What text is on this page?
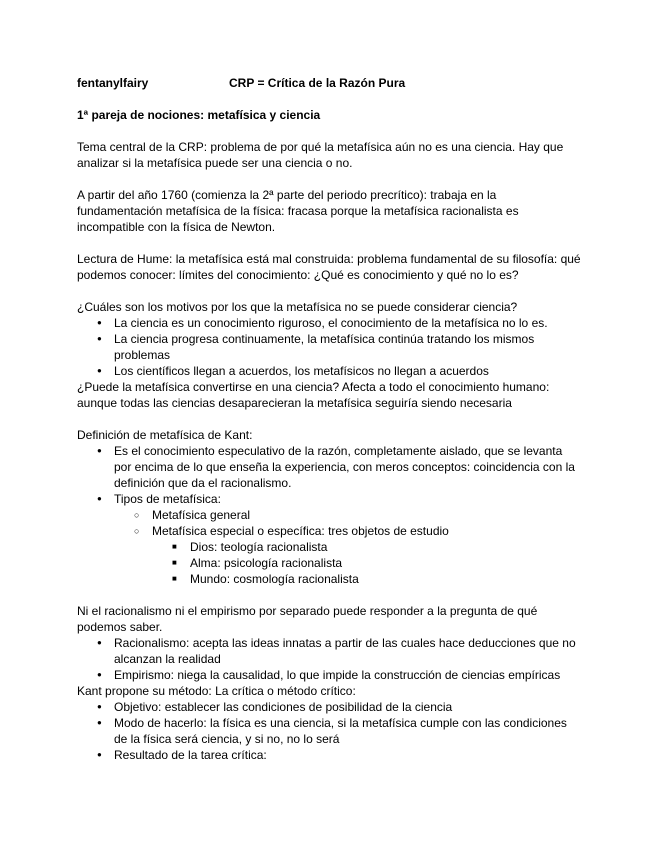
fentanylfairy	CRP = Crítica de la Razón Pura
1ª pareja de nociones: metafísica y ciencia

Tema central de la CRP: problema de por qué la metafísica aún no es una ciencia. Hay que analizar si la metafísica puede ser una ciencia o no.

A partir del año 1760 (comienza la 2ª parte del periodo precrítico): trabaja en la fundamentación metafísica de la física: fracasa porque la metafísica racionalista es incompatible con la física de Newton.

Lectura de Hume: la metafísica está mal construida: problema fundamental de su filosofía: qué podemos conocer: límites del conocimiento: ¿Qué es conocimiento y qué no lo es?

¿Cuáles son los motivos por los que la metafísica no se puede considerar ciencia?

● La ciencia es un conocimiento riguroso, el conocimiento de la metafísica no lo es.
● La ciencia progresa continuamente, la metafísica continúa tratando los mismos problemas
● Los científicos llegan a acuerdos, los metafísicos no llegan a acuerdos

¿Puede la metafísica convertirse en una ciencia? Afecta a todo el conocimiento humano: aunque todas las ciencias desaparecieran la metafísica seguiría siendo necesaria

Definición de metafísica de Kant:

● Es el conocimiento especulativo de la razón, completamente aislado, que se levanta por encima de lo que enseña la experiencia, con meros conceptos: coincidencia con la definición que da el racionalismo.
● Tipos de metafísica:
○ Metafísica general
○ Metafísica especial o específica: tres objetos de estudio
■ Dios: teología racionalista
■ Alma: psicología racionalista
■ Mundo: cosmología racionalista

Ni el racionalismo ni el empirismo por separado puede responder a la pregunta de qué podemos saber.

● Racionalismo: acepta las ideas innatas a partir de las cuales hace deducciones que no alcanzan la realidad
● Empirismo: niega la causalidad, lo que impide la construcción de ciencias empíricas

Kant propone su método: La crítica o método crítico:

● Objetivo: establecer las condiciones de posibilidad de la ciencia
● Modo de hacerlo: la física es una ciencia, si la metafísica cumple con las condiciones de la física será ciencia, y si no, no lo será
● Resultado de la tarea crítica:
